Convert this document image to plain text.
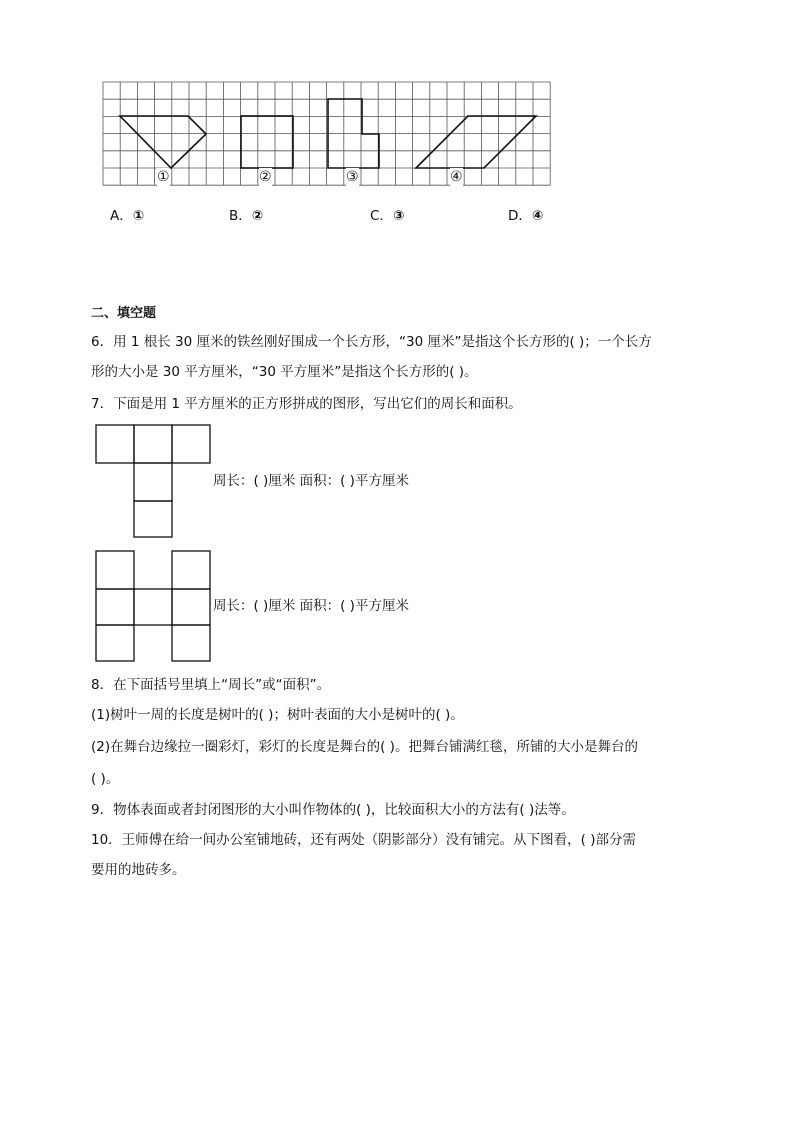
①	②	③	④
A．①	B．②	C．③	D．④
二、填空题
6．用 1 根长 30 厘米的铁丝刚好围成一个长方形，“30 厘米”是指这个长方形的( )；一个长方
形的大小是 30 平方厘米，“30 平方厘米”是指这个长方形的( )。
7．下面是用 1 平方厘米的正方形拼成的图形，写出它们的周长和面积。
周长：( )厘米 面积：( )平方厘米
周长：( )厘米 面积：( )平方厘米
8．在下面括号里填上“周长”或“面积”。
(1)树叶一周的长度是树叶的( )；树叶表面的大小是树叶的( )。
(2)在舞台边缘拉一圈彩灯，彩灯的长度是舞台的( )。把舞台铺满红毯，所铺的大小是舞台的
( )。
9．物体表面或者封闭图形的大小叫作物体的( )，比较面积大小的方法有( )法等。
10．王师傅在给一间办公室铺地砖，还有两处（阴影部分）没有铺完。从下图看，( )部分需
要用的地砖多。
